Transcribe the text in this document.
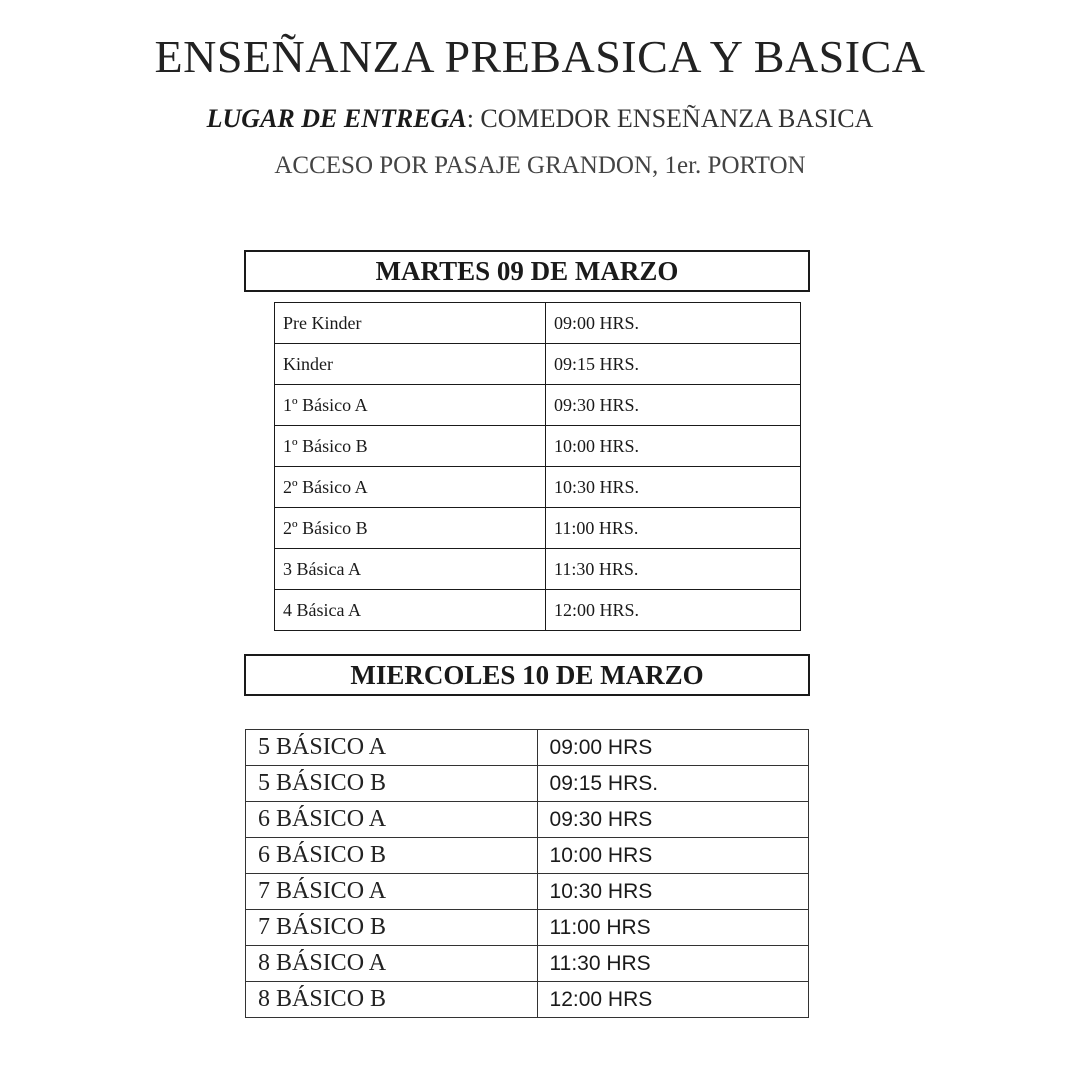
ENSEÑANZA PREBASICA Y BASICA
LUGAR DE ENTREGA: COMEDOR ENSEÑANZA BASICA
ACCESO POR PASAJE GRANDON, 1er. PORTON
MARTES 09 DE MARZO
Pre Kinder	09:00 HRS.
Kinder	09:15 HRS.
1º Básico A	09:30 HRS.
1º Básico B	10:00 HRS.
2º Básico A	10:30 HRS.
2º Básico B	11:00 HRS.
3 Básica A	11:30 HRS.
4 Básica A	12:00 HRS.
MIERCOLES 10 DE MARZO
5 BÁSICO A	09:00 HRS
5 BÁSICO B	09:15 HRS.
6 BÁSICO A	09:30 HRS
6 BÁSICO B	10:00 HRS
7 BÁSICO A	10:30 HRS
7 BÁSICO B	11:00 HRS
8 BÁSICO A	11:30 HRS
8 BÁSICO B	12:00 HRS
